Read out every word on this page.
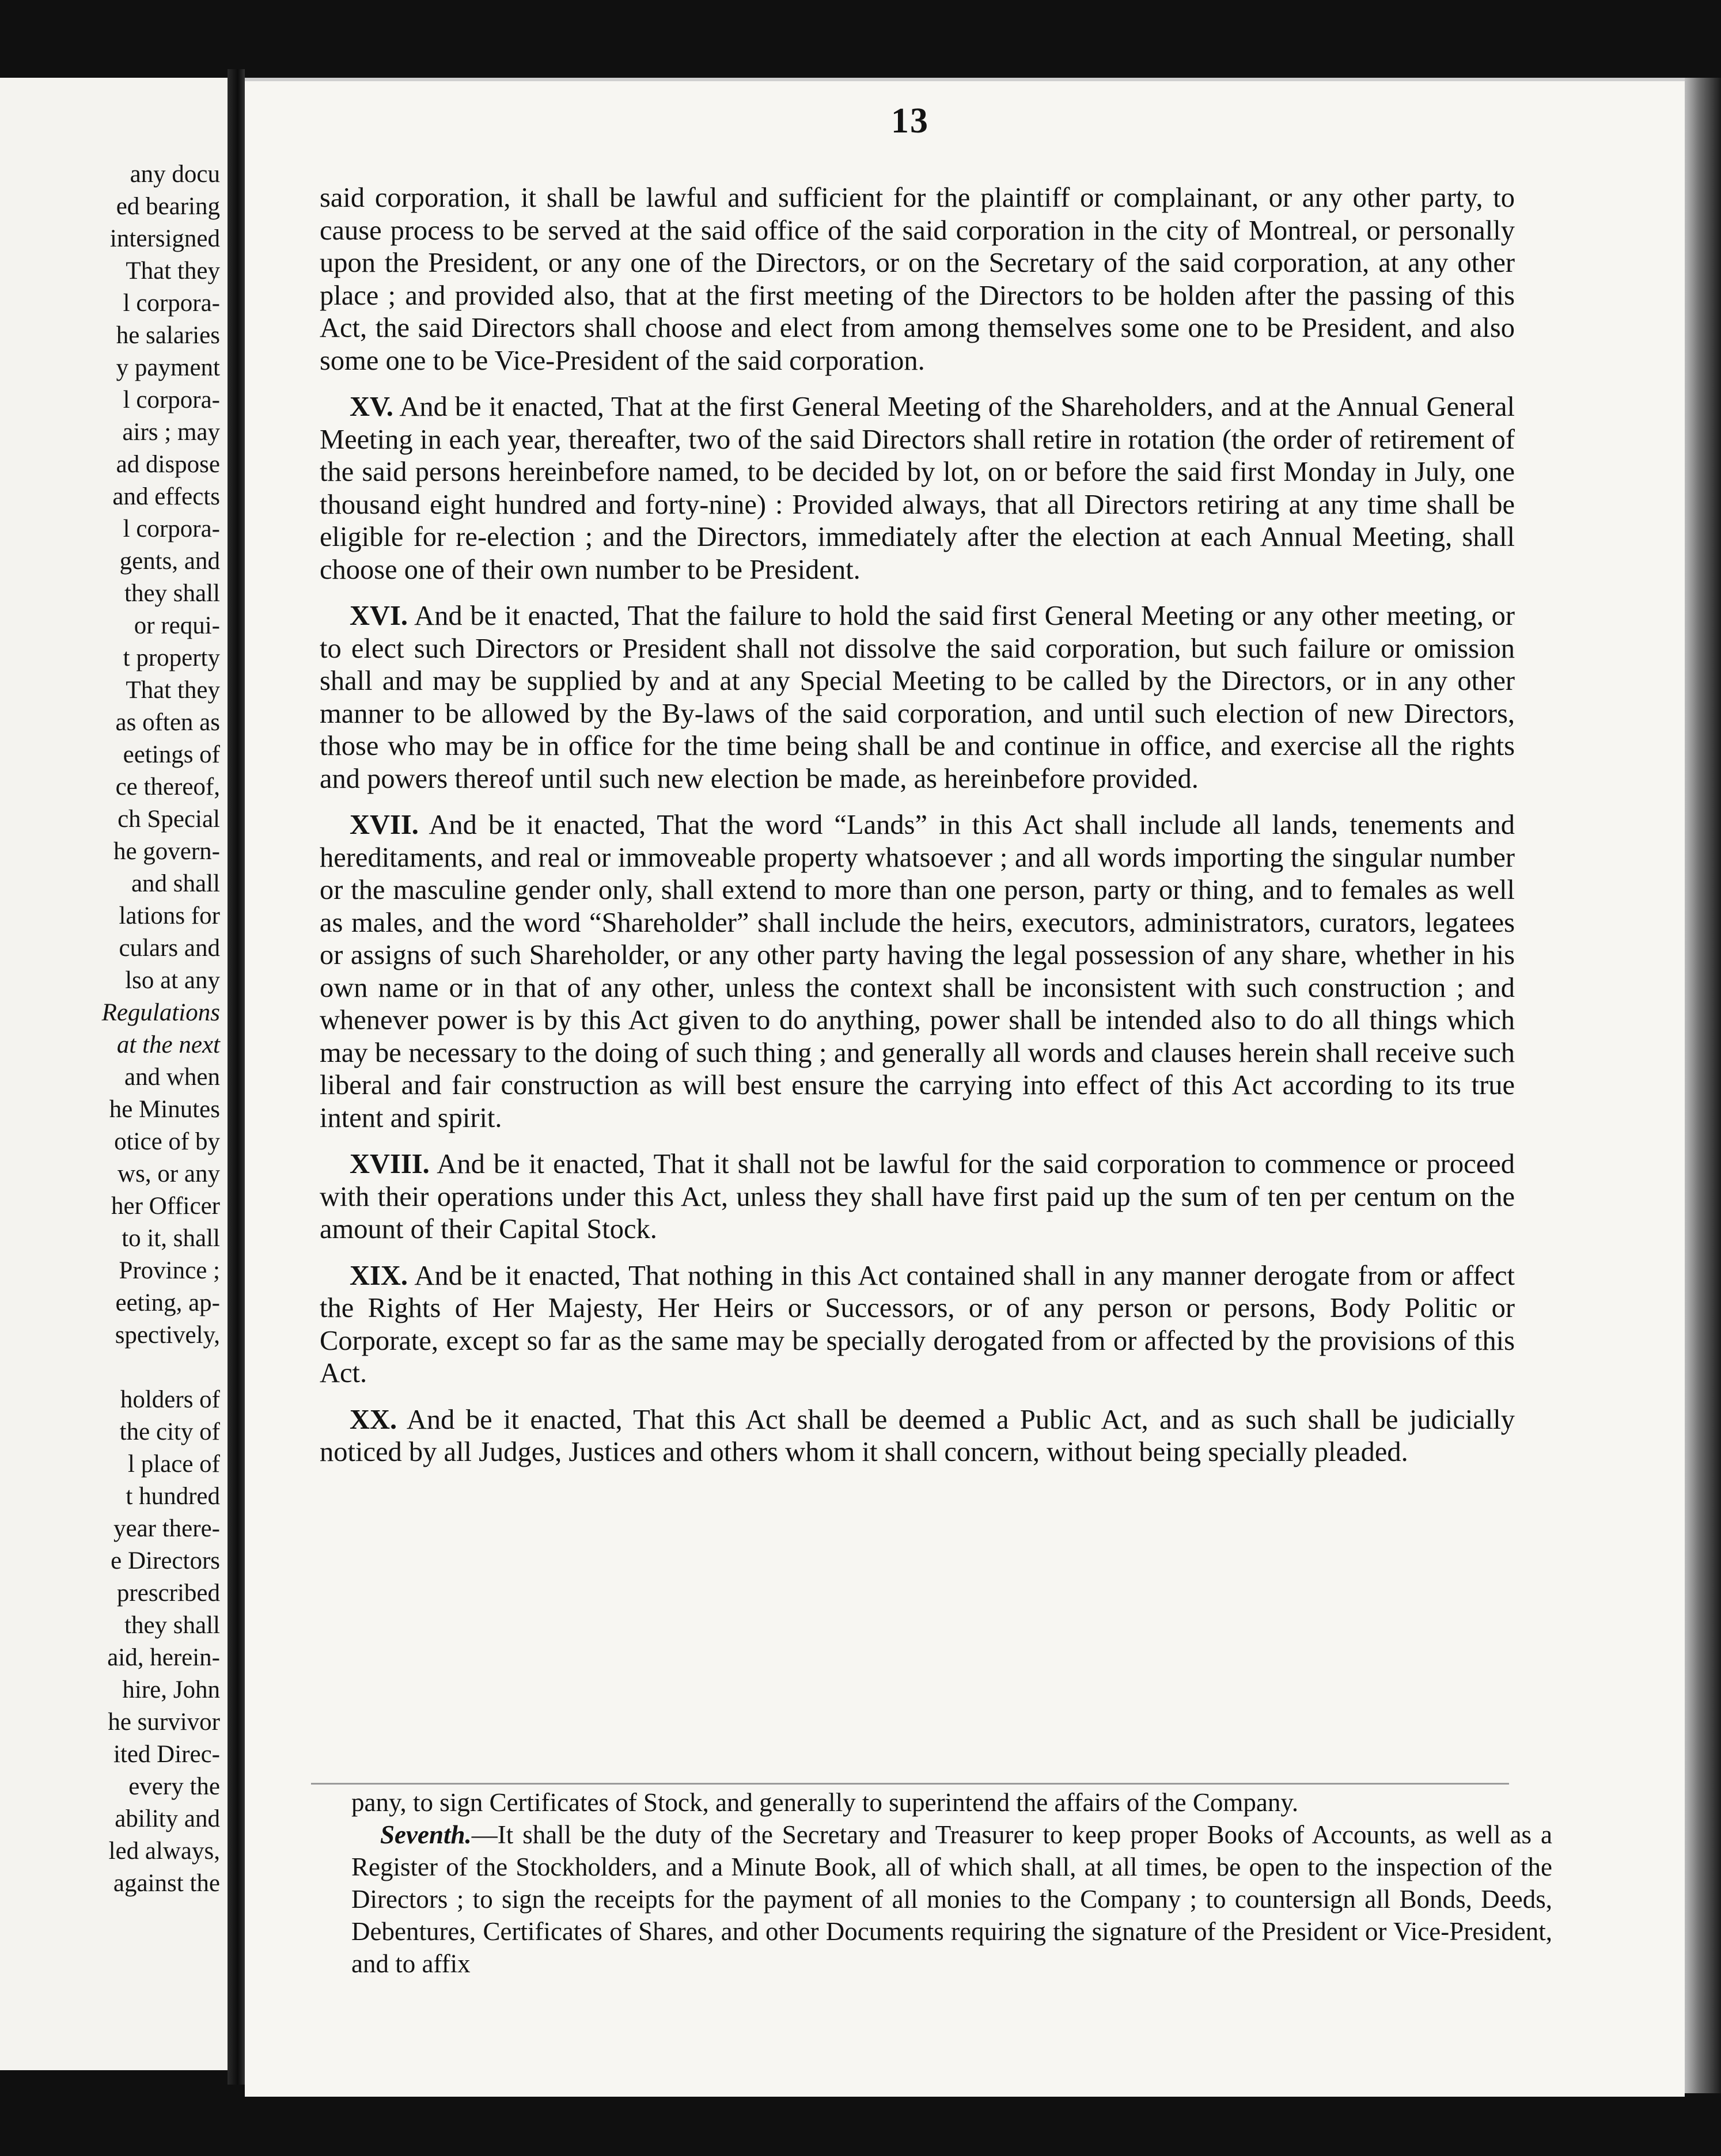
any docu
ed bearing
intersigned
That they
l corpora-
he salaries
y payment
l corpora-
airs ; may
ad dispose
and effects
l corpora-
gents, and
they shall
or requi-
t property
That they
as often as
eetings of
ce thereof,
ch Special
he govern-
and shall
lations for
culars and
lso at any
Regulations
at the next
and when
he Minutes
otice of by
ws, or any
her Officer
to it, shall
Province ;
eeting, ap-
spectively,
holders of
the city of
l place of
t hundred
year there-
e Directors
prescribed
they shall
aid, herein-
hire, John
he survivor
ited Direc-
every the
ability and
led always,
against the
13

said corporation, it shall be lawful and sufficient for the plaintiff or complainant, or any other party, to cause process to be served at the said office of the said corporation in the city of Montreal, or personally upon the President, or any one of the Directors, or on the Secretary of the said corporation, at any other place ; and provided also, that at the first meeting of the Directors to be holden after the passing of this Act, the said Directors shall choose and elect from among themselves some one to be President, and also some one to be Vice-President of the said corporation.

XV. And be it enacted, That at the first General Meeting of the Shareholders, and at the Annual General Meeting in each year, thereafter, two of the said Directors shall retire in rotation (the order of retirement of the said persons hereinbefore named, to be decided by lot, on or before the said first Monday in July, one thousand eight hundred and forty-nine) : Provided always, that all Directors retiring at any time shall be eligible for re-election ; and the Directors, immediately after the election at each Annual Meeting, shall choose one of their own number to be President.

XVI. And be it enacted, That the failure to hold the said first General Meeting or any other meeting, or to elect such Directors or President shall not dissolve the said corporation, but such failure or omission shall and may be supplied by and at any Special Meeting to be called by the Directors, or in any other manner to be allowed by the By-laws of the said corporation, and until such election of new Directors, those who may be in office for the time being shall be and continue in office, and exercise all the rights and powers thereof until such new election be made, as hereinbefore provided.

XVII. And be it enacted, That the word “Lands” in this Act shall include all lands, tenements and hereditaments, and real or immoveable property whatsoever ; and all words importing the singular number or the masculine gender only, shall extend to more than one person, party or thing, and to females as well as males, and the word “Shareholder” shall include the heirs, executors, administrators, curators, legatees or assigns of such Shareholder, or any other party having the legal possession of any share, whether in his own name or in that of any other, unless the context shall be inconsistent with such construction ; and whenever power is by this Act given to do anything, power shall be intended also to do all things which may be necessary to the doing of such thing ; and generally all words and clauses herein shall receive such liberal and fair construction as will best ensure the carrying into effect of this Act according to its true intent and spirit.

XVIII. And be it enacted, That it shall not be lawful for the said corporation to commence or proceed with their operations under this Act, unless they shall have first paid up the sum of ten per centum on the amount of their Capital Stock.

XIX. And be it enacted, That nothing in this Act contained shall in any manner derogate from or affect the Rights of Her Majesty, Her Heirs or Successors, or of any person or persons, Body Politic or Corporate, except so far as the same may be specially derogated from or affected by the provisions of this Act.

XX. And be it enacted, That this Act shall be deemed a Public Act, and as such shall be judicially noticed by all Judges, Justices and others whom it shall concern, without being specially pleaded.

pany, to sign Certificates of Stock, and generally to superintend the affairs of the Company.

Seventh.—It shall be the duty of the Secretary and Treasurer to keep proper Books of Accounts, as well as a Register of the Stockholders, and a Minute Book, all of which shall, at all times, be open to the inspection of the Directors ; to sign the receipts for the payment of all monies to the Company ; to countersign all Bonds, Deeds, Debentures, Certificates of Shares, and other Documents requiring the signature of the President or Vice-President, and to affix
